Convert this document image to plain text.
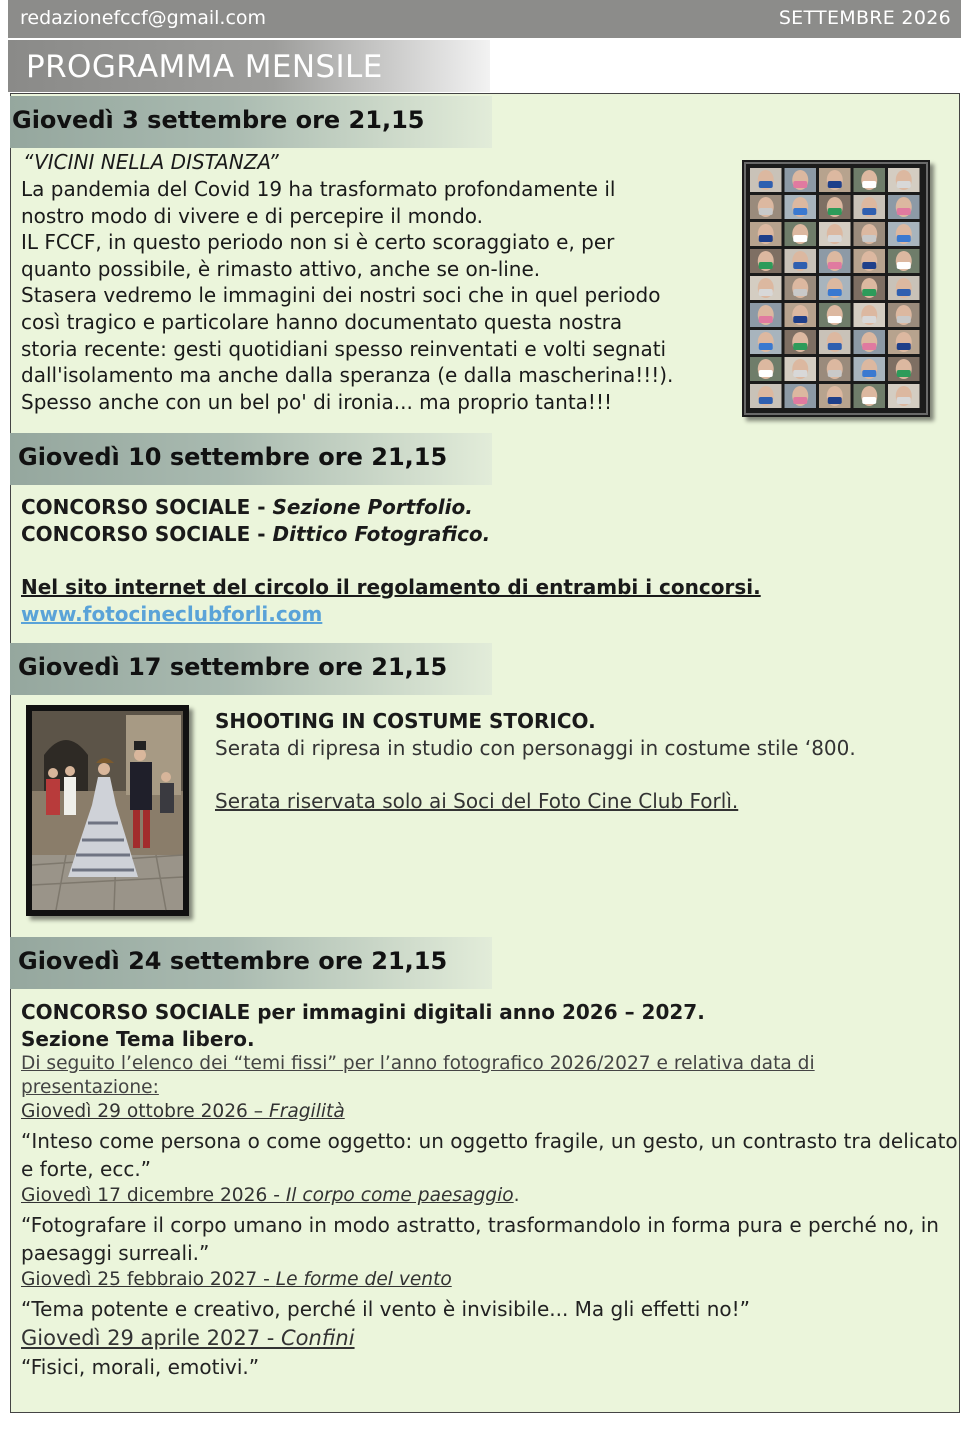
redazionefccf@gmail.com	SETTEMBRE 2026
PROGRAMMA MENSILE
Giovedì 3 settembre ore 21,15
“VICINI NELLA DISTANZA”
La pandemia del Covid 19 ha trasformato profondamente il
nostro modo di vivere e di percepire il mondo.
IL FCCF, in questo periodo non si è certo scoraggiato e, per
quanto possibile, è rimasto attivo, anche se on-line.
Stasera vedremo le immagini dei nostri soci che in quel periodo
così tragico e particolare hanno documentato questa nostra
storia recente: gesti quotidiani spesso reinventati e volti segnati
dall'isolamento ma anche dalla speranza (e dalla mascherina!!!).
Spesso anche con un bel po' di ironia... ma proprio tanta!!!
Giovedì 10 settembre ore 21,15
CONCORSO SOCIALE - Sezione Portfolio.
CONCORSO SOCIALE - Dittico Fotografico.
Nel sito internet del circolo il regolamento di entrambi i concorsi.
www.fotocineclubforli.com
Giovedì 17 settembre ore 21,15
SHOOTING IN COSTUME STORICO.
Serata di ripresa in studio con personaggi in costume stile ‘800.
Serata riservata solo ai Soci del Foto Cine Club Forlì.
Giovedì 24 settembre ore 21,15
CONCORSO SOCIALE per immagini digitali anno 2026 – 2027.
Sezione Tema libero.
Di seguito l’elenco dei “temi fissi” per l’anno fotografico 2026/2027 e relativa data di
presentazione:
Giovedì 29 ottobre 2026 – Fragilità
“Inteso come persona o come oggetto: un oggetto fragile, un gesto, un contrasto tra delicato
e forte, ecc.”
Giovedì 17 dicembre 2026 - Il corpo come paesaggio.
“Fotografare il corpo umano in modo astratto, trasformandolo in forma pura e perché no, in
paesaggi surreali.”
Giovedì 25 febbraio 2027 - Le forme del vento
“Tema potente e creativo, perché il vento è invisibile... Ma gli effetti no!”
Giovedì 29 aprile 2027 - Confini
“Fisici, morali, emotivi.”
